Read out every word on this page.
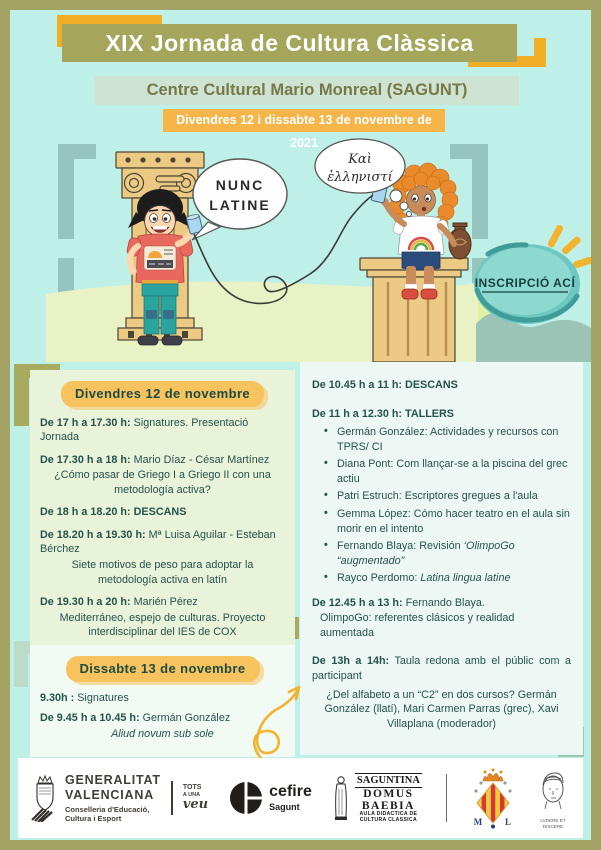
XIX Jornada de Cultura Clàssica
Centre Cultural Mario Monreal (SAGUNT)
Divendres 12 i dissabte 13 de novembre de 2021
NUNC
LATINE
Καὶ
ἑλληνιστί
INSCRIPCIÓ ACÍ
Divendres 12 de novembre

De 17 h a 17.30 h: Signatures. Presentació Jornada

De 17.30 h a 18 h: Mario Díaz - César Martínez
¿Cómo pasar de Griego I a Griego II con una metodología activa?

De 18 h a 18.20 h: DESCANS

De 18.20 h a 19.30 h: Mª Luisa Aguilar - Esteban Bérchez
Siete motivos de peso para adoptar la metodología activa en latín

De 19.30 h a 20 h: Marién Pérez
Mediterráneo, espejo de culturas. Proyecto interdisciplinar del IES de COX

De 10.45 h a 11 h: DESCANS

De 11 h a 12.30 h: TALLERS

• Germán González: Actividades y recursos con TPRS/ CI
• Diana Pont: Com llançar-se a la piscina del grec actiu
• Patri Estruch: Escriptores gregues a l'aula
• Gemma López: Cómo hacer teatro en el aula sin morir en el intento
• Fernando Blaya: Revisión ‘OlimpoGo “augmentado”
• Rayco Perdomo: Latina lingua latine

De 12.45 h a 13 h: Fernando Blaya.
OlimpoGo: referentes clásicos y realidad aumentada

De 13h a 14h: Taula redona amb el públic com a participant
¿Del alfabeto a un “C2” en dos cursos? Germán González (llatí), Mari Carmen Parras (grec), Xavi Villaplana (moderador)

Dissabte 13 de novembre

9.30h : Signatures

De 9.45 h a 10.45 h: Germán González
Aliud novum sub sole

GENERALITAT
VALENCIANA
Conselleria d'Educació,
Cultura i Esport
TOTS
A UNA
veu
cefire
Sagunt
SAGUNTINA
DOMUS
BAEBIA
AULA DIDACTICA DE
CULTURA CLASSICA	M	L	LVDERE ET
DISCERE
